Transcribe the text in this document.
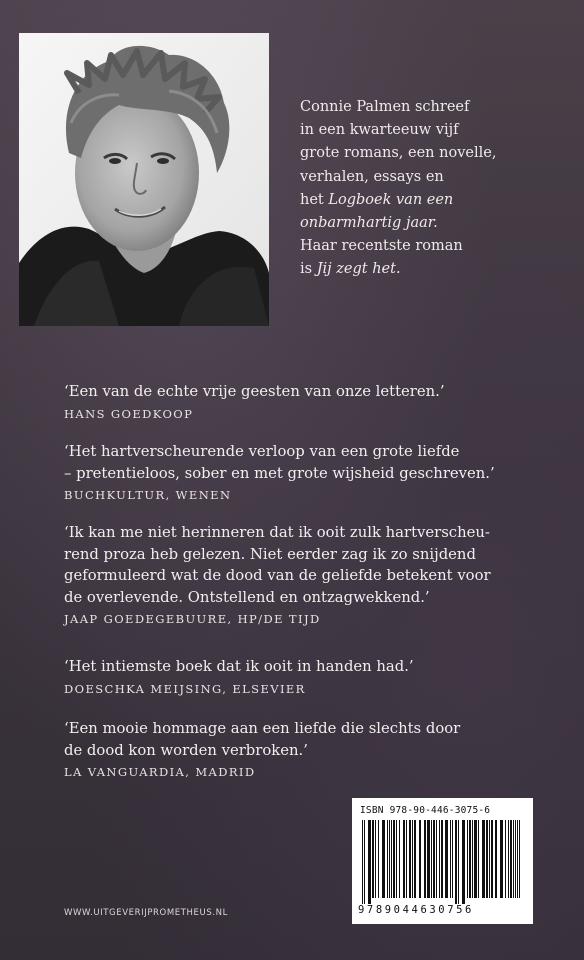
Connie Palmen schreef
in een kwarteeuw vijf
grote romans, een novelle,
verhalen, essays en
het Logboek van een
onbarmhartig jaar.
Haar recentste roman
is Jij zegt het.
‘Een van de echte vrije geesten van onze letteren.’
HANS GOEDKOOP
‘Het hartverscheurende verloop van een grote liefde
– pretentieloos, sober en met grote wijsheid geschreven.’
BUCHKULTUR, WENEN
‘Ik kan me niet herinneren dat ik ooit zulk hartverscheu-
rend proza heb gelezen. Niet eerder zag ik zo snijdend
geformuleerd wat de dood van de geliefde betekent voor
de overlevende. Ontstellend en ontzagwekkend.’
JAAP GOEDEGEBUURE, HP/DE TIJD
‘Het intiemste boek dat ik ooit in handen had.’
DOESCHKA MEIJSING, ELSEVIER
‘Een mooie hommage aan een liefde die slechts door
de dood kon worden verbroken.’
LA VANGUARDIA, MADRID
ISBN 978-90-446-3075-6
9789044630756
WWW.UITGEVERIJPROMETHEUS.NL
